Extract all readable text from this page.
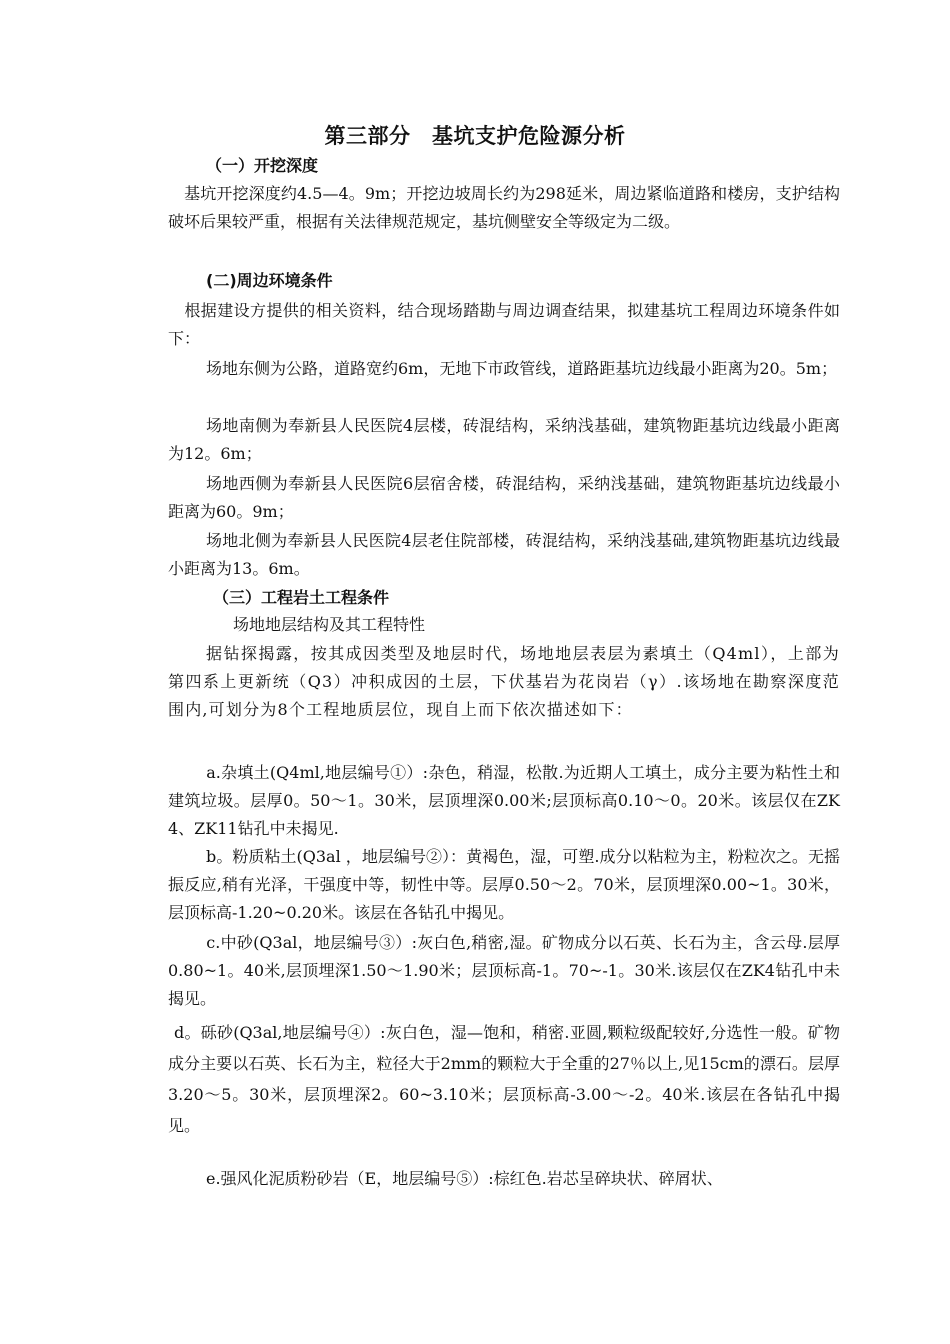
第三部分　基坑支护危险源分析
（一）开挖深度
　基坑开挖深度约4.5—4。9m；开挖边坡周长约为298延米，周边紧临道路和楼房，支护结构破坏后果较严重，根据有关法律规范规定，基坑侧壁安全等级定为二级。
(二)周边环境条件
　根据建设方提供的相关资料，结合现场踏勘与周边调查结果，拟建基坑工程周边环境条件如下：
场地东侧为公路，道路宽约6m，无地下市政管线，道路距基坑边线最小距离为20。5m；
场地南侧为奉新县人民医院4层楼，砖混结构，采纳浅基础，建筑物距基坑边线最小距离为12。6m；
场地西侧为奉新县人民医院6层宿舍楼，砖混结构，采纳浅基础，建筑物距基坑边线最小距离为60。9m；
场地北侧为奉新县人民医院4层老住院部楼，砖混结构，采纳浅基础,建筑物距基坑边线最小距离为13。6m。
（三）工程岩土工程条件
场地地层结构及其工程特性
据钻探揭露，按其成因类型及地层时代，场地地层表层为素填土（Q4ml），上部为第四系上更新统（Q3）冲积成因的土层，下伏基岩为花岗岩（γ）.该场地在勘察深度范围内,可划分为8个工程地质层位，现自上而下依次描述如下：
　a.杂填土(Q4ml,地层编号①）:杂色，稍湿，松散.为近期人工填土，成分主要为粘性土和建筑垃圾。层厚0。50～1。30米，层顶埋深0.00米;层顶标高0.10～0。20米。该层仅在ZK4、ZK11钻孔中未揭见.
　b。粉质粘土(Q3al ，地层编号②）：黄褐色，湿，可塑.成分以粘粒为主，粉粒次之。无摇振反应,稍有光泽，干强度中等，韧性中等。层厚0.50～2。70米，层顶埋深0.00~1。30米，层顶标高-1.20~0.20米。该层在各钻孔中揭见。
　c.中砂(Q3al，地层编号③）:灰白色,稍密,湿。矿物成分以石英、长石为主，含云母.层厚0.80~1。40米,层顶埋深1.50～1.90米；层顶标高-1。70~-1。30米.该层仅在ZK4钻孔中未揭见。
d。砾砂(Q3al,地层编号④）:灰白色，湿—饱和，稍密.亚圆,颗粒级配较好,分选性一般。矿物成分主要以石英、长石为主，粒径大于2mm的颗粒大于全重的27％以上,见15cm的漂石。层厚3.20～5。30米，层顶埋深2。60~3.10米；层顶标高-3.00～-2。40米.该层在各钻孔中揭见。
　e.强风化泥质粉砂岩（E，地层编号⑤）:棕红色.岩芯呈碎块状、碎屑状、
